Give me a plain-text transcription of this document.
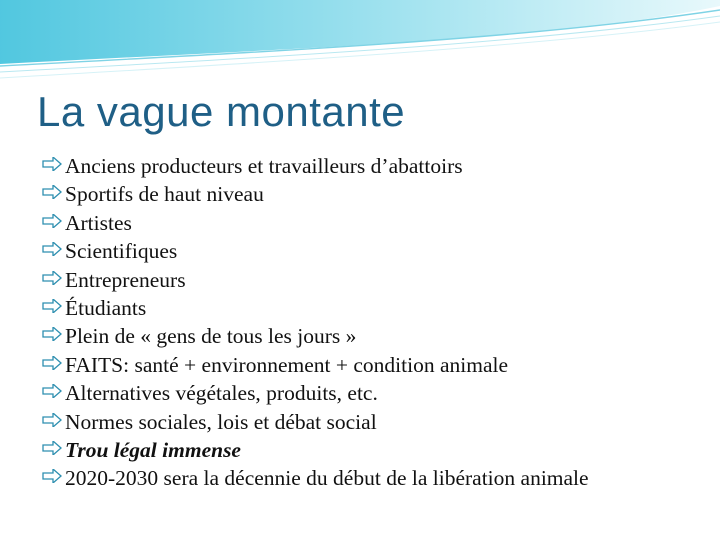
La vague montante
Anciens producteurs et travailleurs d’abattoirs
Sportifs de haut niveau
Artistes
Scientifiques
Entrepreneurs
Étudiants
Plein de « gens de tous les jours »
FAITS: santé + environnement + condition animale
Alternatives végétales, produits, etc.
Normes sociales, lois et débat social
Trou légal immense
2020-2030 sera la décennie du début de la libération animale
